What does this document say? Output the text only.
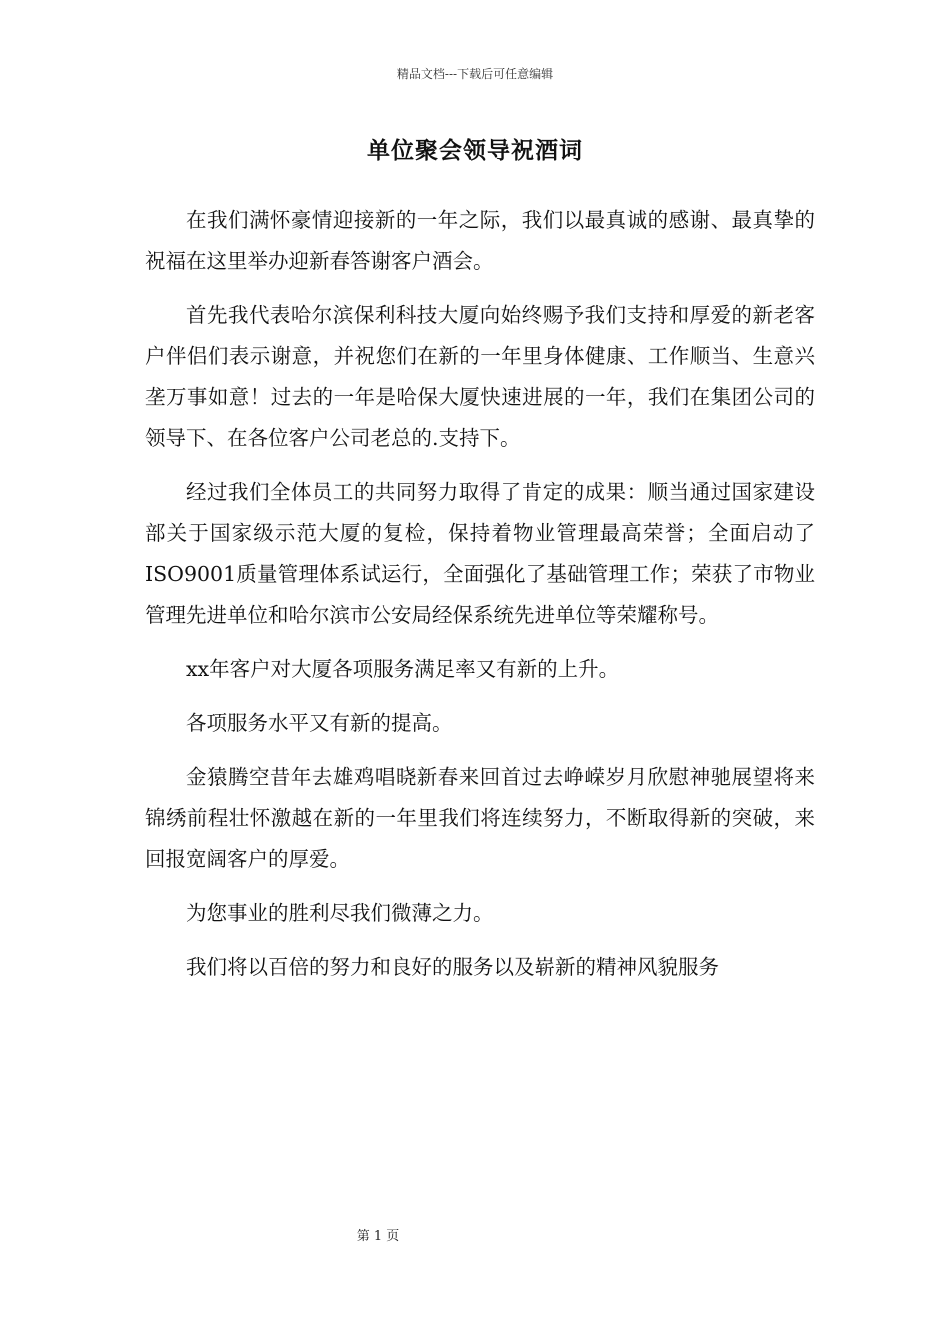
精品文档---下载后可任意编辑
单位聚会领导祝酒词

在我们满怀豪情迎接新的一年之际，我们以最真诚的感谢、最真挚的祝福在这里举办迎新春答谢客户酒会。

首先我代表哈尔滨保利科技大厦向始终赐予我们支持和厚爱的新老客户伴侣们表示谢意，并祝您们在新的一年里身体健康、工作顺当、生意兴垄万事如意！过去的一年是哈保大厦快速进展的一年，我们在集团公司的领导下、在各位客户公司老总的.支持下。

经过我们全体员工的共同努力取得了肯定的成果：顺当通过国家建设部关于国家级示范大厦的复检，保持着物业管理最高荣誉；全面启动了ISO9001质量管理体系试运行，全面强化了基础管理工作；荣获了市物业管理先进单位和哈尔滨市公安局经保系统先进单位等荣耀称号。

xx年客户对大厦各项服务满足率又有新的上升。

各项服务水平又有新的提高。

金猿腾空昔年去雄鸡唱晓新春来回首过去峥嵘岁月欣慰神驰展望将来锦绣前程壮怀激越在新的一年里我们将连续努力，不断取得新的突破，来回报宽阔客户的厚爱。

为您事业的胜利尽我们微薄之力。

我们将以百倍的努力和良好的服务以及崭新的精神风貌服务

第 1 页
